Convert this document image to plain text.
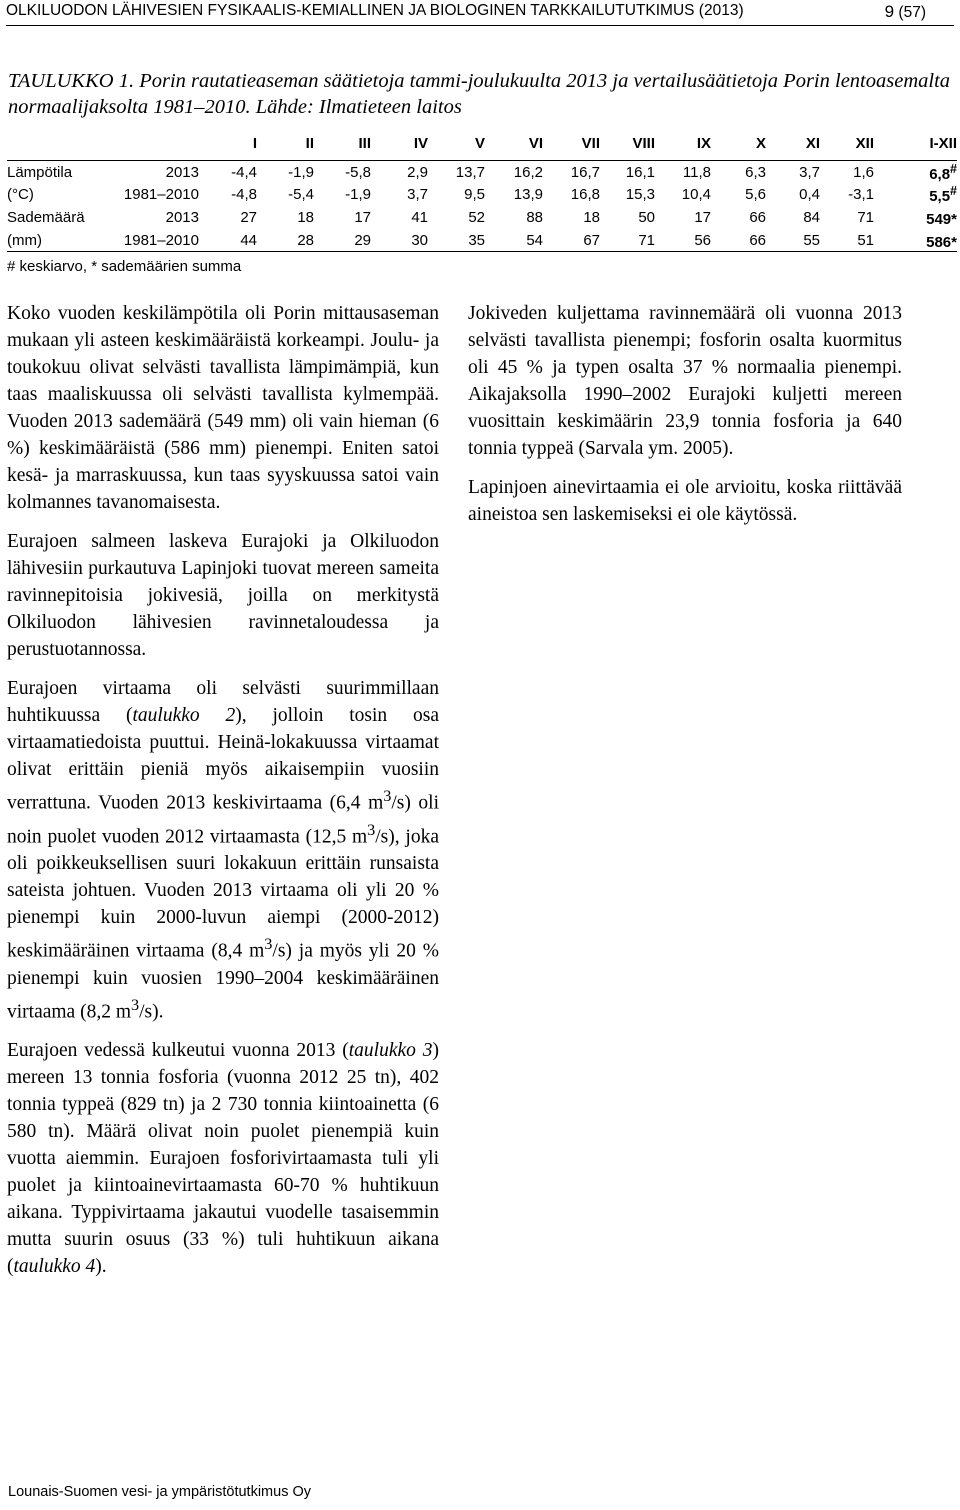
OLKILUODON LÄHIVESIEN FYSIKAALIS-KEMIALLINEN JA BIOLOGINEN TARKKAILUTUTKIMUS (2013)	9 (57)
TAULUKKO 1. Porin rautatieaseman säätietoja tammi-joulukuulta 2013 ja vertailusäätietoja Porin lentoasemalta normaalijaksolta 1981–2010. Lähde: Ilmatieteen laitos
		I	II	III	IV	V	VI	VII	VIII	IX	X	XI	XII	I-XII
Lämpötila	2013	-4,4	-1,9	-5,8	2,9	13,7	16,2	16,7	16,1	11,8	6,3	3,7	1,6	6,8#
(°C)	1981–2010	-4,8	-5,4	-1,9	3,7	9,5	13,9	16,8	15,3	10,4	5,6	0,4	-3,1	5,5#
Sademäärä	2013	27	18	17	41	52	88	18	50	17	66	84	71	549*
(mm)	1981–2010	44	28	29	30	35	54	67	71	56	66	55	51	586*
# keskiarvo, * sademäärien summa														

Koko vuoden keskilämpötila oli Porin mittausaseman mukaan yli asteen keskimääräistä korkeampi. Joulu- ja toukokuu olivat selvästi tavallista lämpimämpiä, kun taas maaliskuussa oli selvästi tavallista kylmempää. Vuoden 2013 sademäärä (549 mm) oli vain hieman (6 %) keskimääräistä (586 mm) pienempi. Eniten satoi kesä- ja marraskuussa, kun taas syyskuussa satoi vain kolmannes tavanomaisesta.

Eurajoen salmeen laskeva Eurajoki ja Olkiluodon lähivesiin purkautuva Lapinjoki tuovat mereen sameita ravinnepitoisia jokivesiä, joilla on merkitystä Olkiluodon lähivesien ravinnetaloudessa ja perustuotannossa.

Eurajoen virtaama oli selvästi suurimmillaan huhtikuussa (taulukko 2), jolloin tosin osa virtaamatiedoista puuttui. Heinä-lokakuussa virtaamat olivat erittäin pieniä myös aikaisempiin vuosiin verrattuna. Vuoden 2013 keskivirtaama (6,4 $m^3/s$) oli noin puolet vuoden 2012 virtaamasta (12,5 $m^3/s$), joka oli poikkeuksellisen suuri lokakuun erittäin runsaista sateista johtuen. Vuoden 2013 virtaama oli yli 20 % pienempi kuin 2000-luvun aiempi (2000-2012) keskimääräinen virtaama (8,4 $m^3/s$) ja myös yli 20 % pienempi kuin vuosien 1990–2004 keskimääräinen virtaama (8,2 $m^3/s$).

Eurajoen vedessä kulkeutui vuonna 2013 (taulukko 3) mereen 13 tonnia fosforia (vuonna 2012 25 tn), 402 tonnia typpeä (829 tn) ja 2 730 tonnia kiintoainetta (6 580 tn). Määrä olivat noin puolet pienempiä kuin vuotta aiemmin. Eurajoen fosforivirtaamasta tuli yli puolet ja kiintoainevirtaamasta 60-70 % huhtikuun aikana. Typpivirtaama jakautui vuodelle tasaisemmin mutta suurin osuus (33 %) tuli huhtikuun aikana (taulukko 4).

Jokiveden kuljettama ravinnemäärä oli vuonna 2013 selvästi tavallista pienempi; fosforin osalta kuormitus oli 45 % ja typen osalta 37 % normaalia pienempi. Aikajaksolla 1990–2002 Eurajoki kuljetti mereen vuosittain keskimäärin 23,9 tonnia fosforia ja 640 tonnia typpeä (Sarvala ym. 2005).

Lapinjoen ainevirtaamia ei ole arvioitu, koska riittävää aineistoa sen laskemiseksi ei ole käytössä.

Lounais-Suomen vesi- ja ympäristötutkimus Oy
